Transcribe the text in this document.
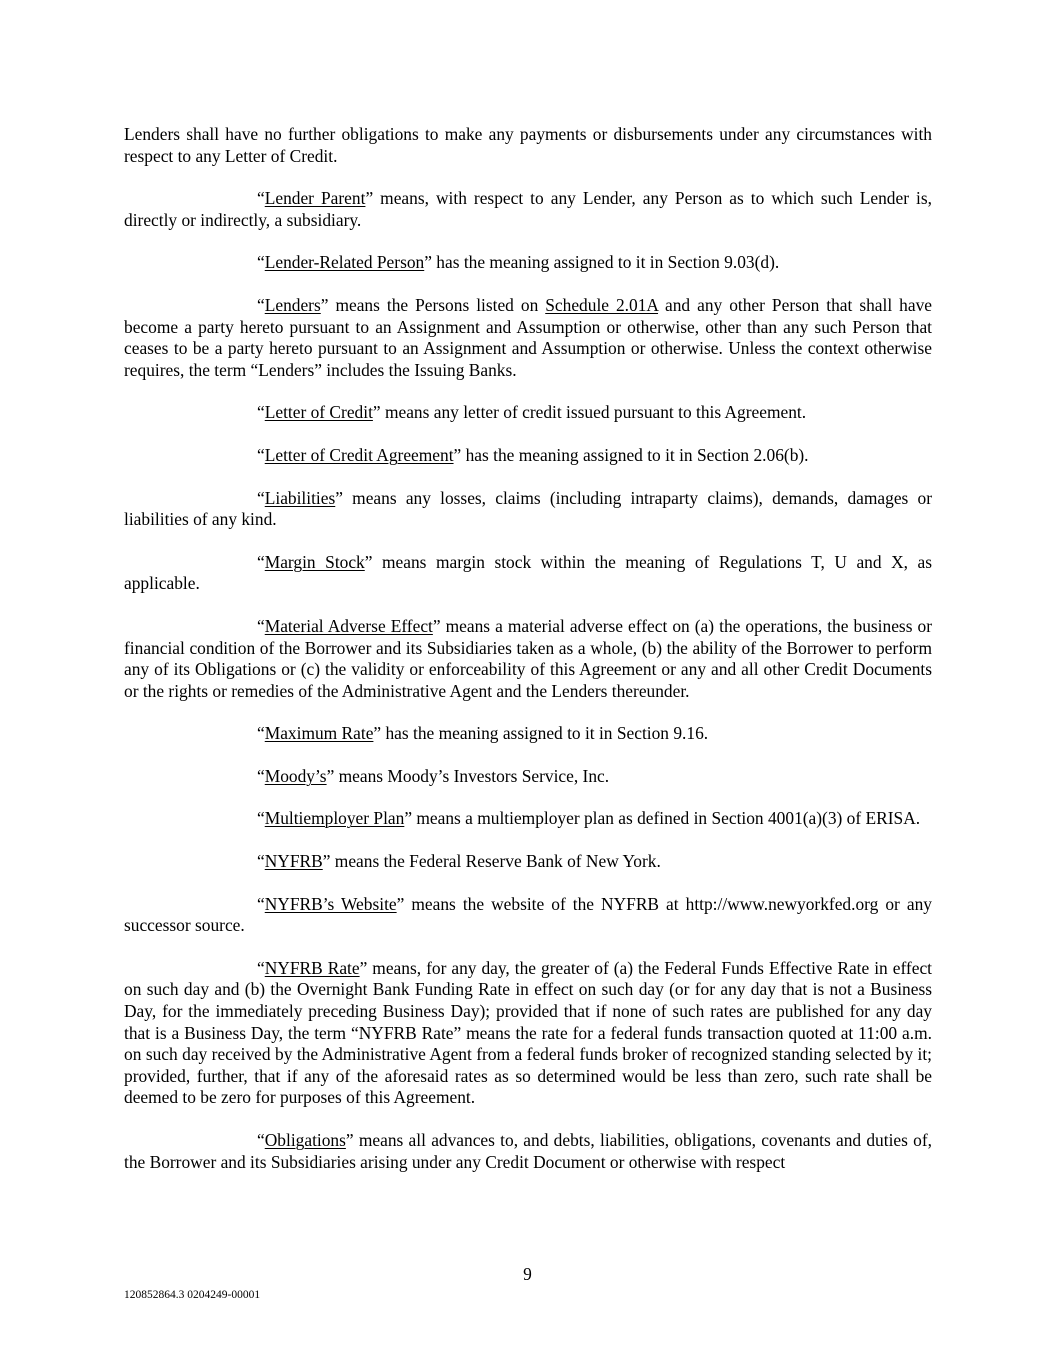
Lenders shall have no further obligations to make any payments or disbursements under any circumstances with respect to any Letter of Credit.

“Lender Parent” means, with respect to any Lender, any Person as to which such Lender is, directly or indirectly, a subsidiary.

“Lender-Related Person” has the meaning assigned to it in Section 9.03(d).

“Lenders” means the Persons listed on Schedule 2.01A and any other Person that shall have become a party hereto pursuant to an Assignment and Assumption or otherwise, other than any such Person that ceases to be a party hereto pursuant to an Assignment and Assumption or otherwise. Unless the context otherwise requires, the term “Lenders” includes the Issuing Banks.

“Letter of Credit” means any letter of credit issued pursuant to this Agreement.

“Letter of Credit Agreement” has the meaning assigned to it in Section 2.06(b).

“Liabilities” means any losses, claims (including intraparty claims), demands, damages or liabilities of any kind.

“Margin Stock” means margin stock within the meaning of Regulations T, U and X, as applicable.

“Material Adverse Effect” means a material adverse effect on (a) the operations, the business or financial condition of the Borrower and its Subsidiaries taken as a whole, (b) the ability of the Borrower to perform any of its Obligations or (c) the validity or enforceability of this Agreement or any and all other Credit Documents or the rights or remedies of the Administrative Agent and the Lenders thereunder.

“Maximum Rate” has the meaning assigned to it in Section 9.16.

“Moody’s” means Moody’s Investors Service, Inc.

“Multiemployer Plan” means a multiemployer plan as defined in Section 4001(a)(3) of ERISA.

“NYFRB” means the Federal Reserve Bank of New York.

“NYFRB’s Website” means the website of the NYFRB at http://www.newyorkfed.org or any successor source.

“NYFRB Rate” means, for any day, the greater of (a) the Federal Funds Effective Rate in effect on such day and (b) the Overnight Bank Funding Rate in effect on such day (or for any day that is not a Business Day, for the immediately preceding Business Day); provided that if none of such rates are published for any day that is a Business Day, the term “NYFRB Rate” means the rate for a federal funds transaction quoted at 11:00 a.m. on such day received by the Administrative Agent from a federal funds broker of recognized standing selected by it; provided, further, that if any of the aforesaid rates as so determined would be less than zero, such rate shall be deemed to be zero for purposes of this Agreement.

“Obligations” means all advances to, and debts, liabilities, obligations, covenants and duties of, the Borrower and its Subsidiaries arising under any Credit Document or otherwise with respect

9
120852864.3 0204249-00001
